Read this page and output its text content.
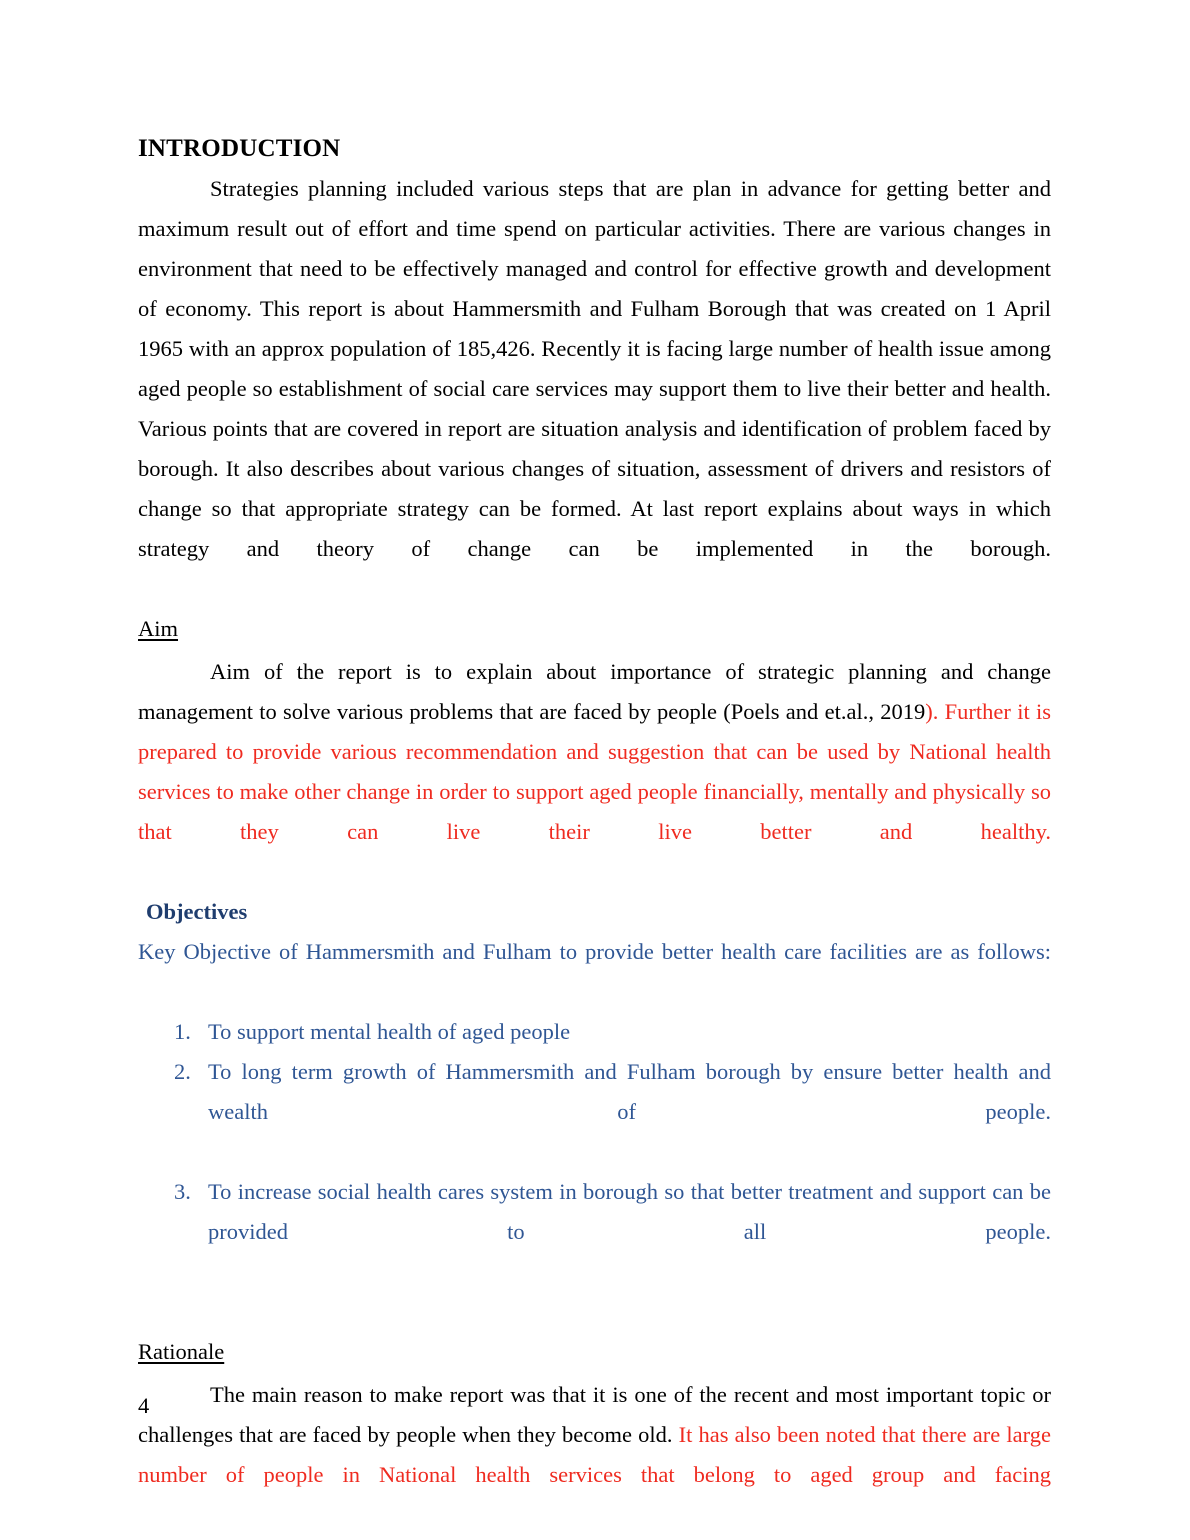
INTRODUCTION

Strategies planning included various steps that are plan in advance for getting better and maximum result out of effort and time spend on particular activities. There are various changes in environment that need to be effectively managed and control for effective growth and development of economy. This report is about Hammersmith and Fulham Borough that was created on 1 April 1965 with an approx population of 185,426. Recently it is facing large number of health issue among aged people so establishment of social care services may support them to live their better and health. Various points that are covered in report are situation analysis and identification of problem faced by borough. It also describes about various changes of situation, assessment of drivers and resistors of change so that appropriate strategy can be formed. At last report explains about ways in which strategy and theory of change can be implemented in the borough.

Aim

Aim of the report is to explain about importance of strategic planning and change management to solve various problems that are faced by people (Poels and et.al., 2019). Further it is prepared to provide various recommendation and suggestion that can be used by National health services to make other change in order to support aged people financially, mentally and physically so that they can live their live better and healthy.

Objectives

Key Objective of Hammersmith and Fulham to provide better health care facilities are as follows:

To support mental health of aged people
To long term growth of Hammersmith and Fulham borough by ensure better health and wealth of people.
To increase social health cares system in borough so that better treatment and support can be provided to all people.
Rationale

The main reason to make report was that it is one of the recent and most important topic or challenges that are faced by people when they become old. It has also been noted that there are large number of people in National health services that belong to aged group and facing

4
